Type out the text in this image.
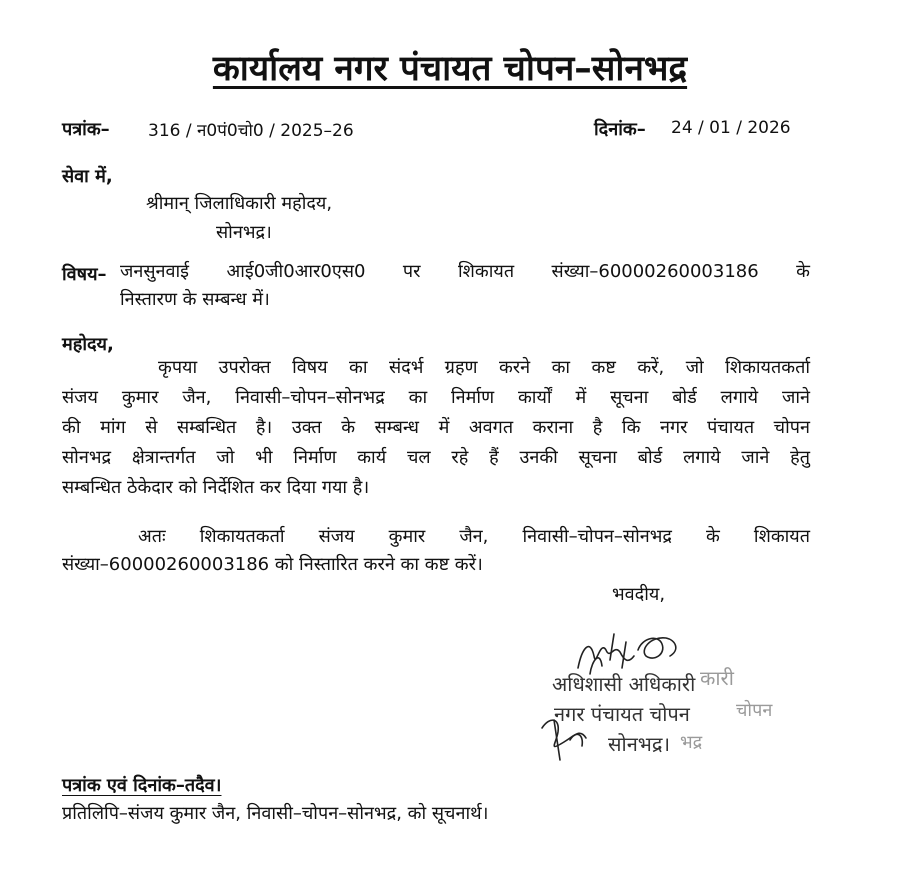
कार्यालय नगर पंचायत चोपन–सोनभद्र
पत्रांक– 316 / न0पं0चो0 / 2025–26	दिनांक– 24 / 01 / 2026
सेवा में,
श्रीमान् जिलाधिकारी महोदय,
सोनभद्र।
विषय– जनसुनवाई आई0जी0आर0एस0 पर शिकायत संख्या–60000260003186 के
निस्तारण के सम्बन्ध में।
महोदय,
कृपया उपरोक्त विषय का संदर्भ ग्रहण करने का कष्ट करें, जो शिकायतकर्ता
संजय कुमार जैन, निवासी–चोपन–सोनभद्र का निर्माण कार्यों में सूचना बोर्ड लगाये जाने
की मांग से सम्बन्धित है। उक्त के सम्बन्ध में अवगत कराना है कि नगर पंचायत चोपन
सोनभद्र क्षेत्रान्तर्गत जो भी निर्माण कार्य चल रहे हैं उनकी सूचना बोर्ड लगाये जाने हेतु
सम्बन्धित ठेकेदार को निर्देशित कर दिया गया है।
अतः शिकायतकर्ता संजय कुमार जैन, निवासी–चोपन–सोनभद्र के शिकायत
संख्या–60000260003186 को निस्तारित करने का कष्ट करें।
भवदीय,
कारी
अधिशासी अधिकारी
चोपन
नगर पंचायत चोपन
भद्र
सोनभद्र।
पत्रांक एवं दिनांक–तदैव।
प्रतिलिपि–संजय कुमार जैन, निवासी–चोपन–सोनभद्र, को सूचनार्थ।
